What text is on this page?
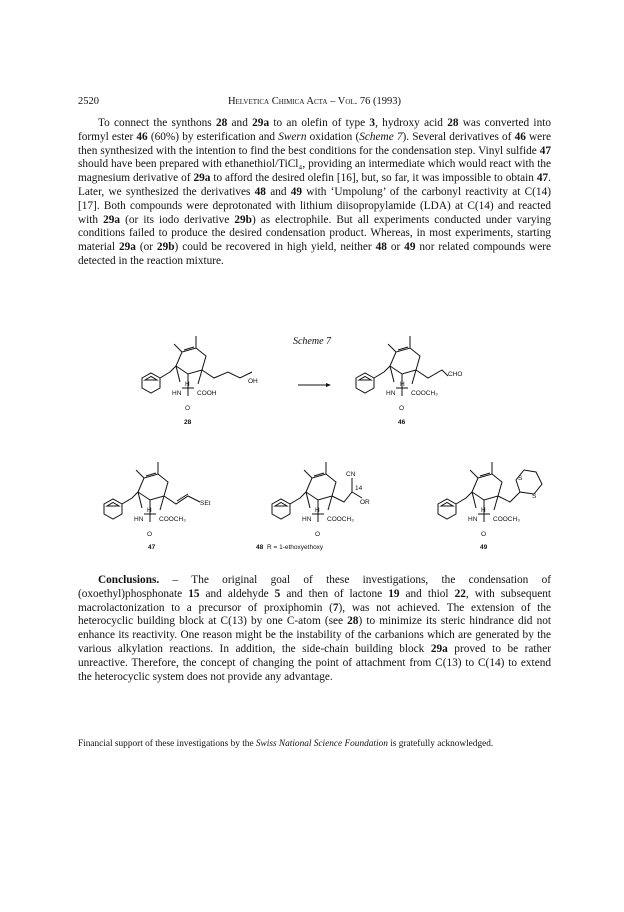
2520	Helvetica Chimica Acta – Vol. 76 (1993)
To connect the synthons 28 and 29a to an olefin of type 3, hydroxy acid 28 was converted into formyl ester 46 (60%) by esterification and Swern oxidation (Scheme 7). Several derivatives of 46 were then synthesized with the intention to find the best conditions for the condensation step. Vinyl sulfide 47 should have been prepared with ethanethiol/TiCl₄, providing an intermediate which would react with the magnesium derivative of 29a to afford the desired olefin [16], but, so far, it was impossible to obtain 47. Later, we synthesized the derivatives 48 and 49 with ‘Umpolung’ of the carbonyl reactivity at C(14) [17]. Both compounds were deprotonated with lithium diisopropylamide (LDA) at C(14) and reacted with 29a (or its iodo derivative 29b) as electrophile. But all experiments conducted under varying conditions failed to produce the desired condensation product. Whereas, in most experiments, starting material 29a (or 29b) could be recovered in high yield, neither 48 or 49 nor related compounds were detected in the reaction mixture.
Scheme 7
OH
H
HN COOH
O
28
CHO
H
HN COOCH₃
O
46
SEt
H
HN COOCH₃
O
47
CN
14
OR
H
HN COOCH₃
O
48 R = 1-ethoxyethoxy
S
S
H
HN COOCH₃
O
49
Conclusions. – The original goal of these investigations, the condensation of (oxoethyl)phosphonate 15 and aldehyde 5 and then of lactone 19 and thiol 22, with subsequent macrolactonization to a precursor of proxiphomin (7), was not achieved. The extension of the heterocyclic building block at C(13) by one C-atom (see 28) to minimize its steric hindrance did not enhance its reactivity. One reason might be the instability of the carbanions which are generated by the various alkylation reactions. In addition, the side-chain building block 29a proved to be rather unreactive. Therefore, the concept of changing the point of attachment from C(13) to C(14) to extend the heterocyclic system does not provide any advantage.
Financial support of these investigations by the Swiss National Science Foundation is gratefully acknowledged.
